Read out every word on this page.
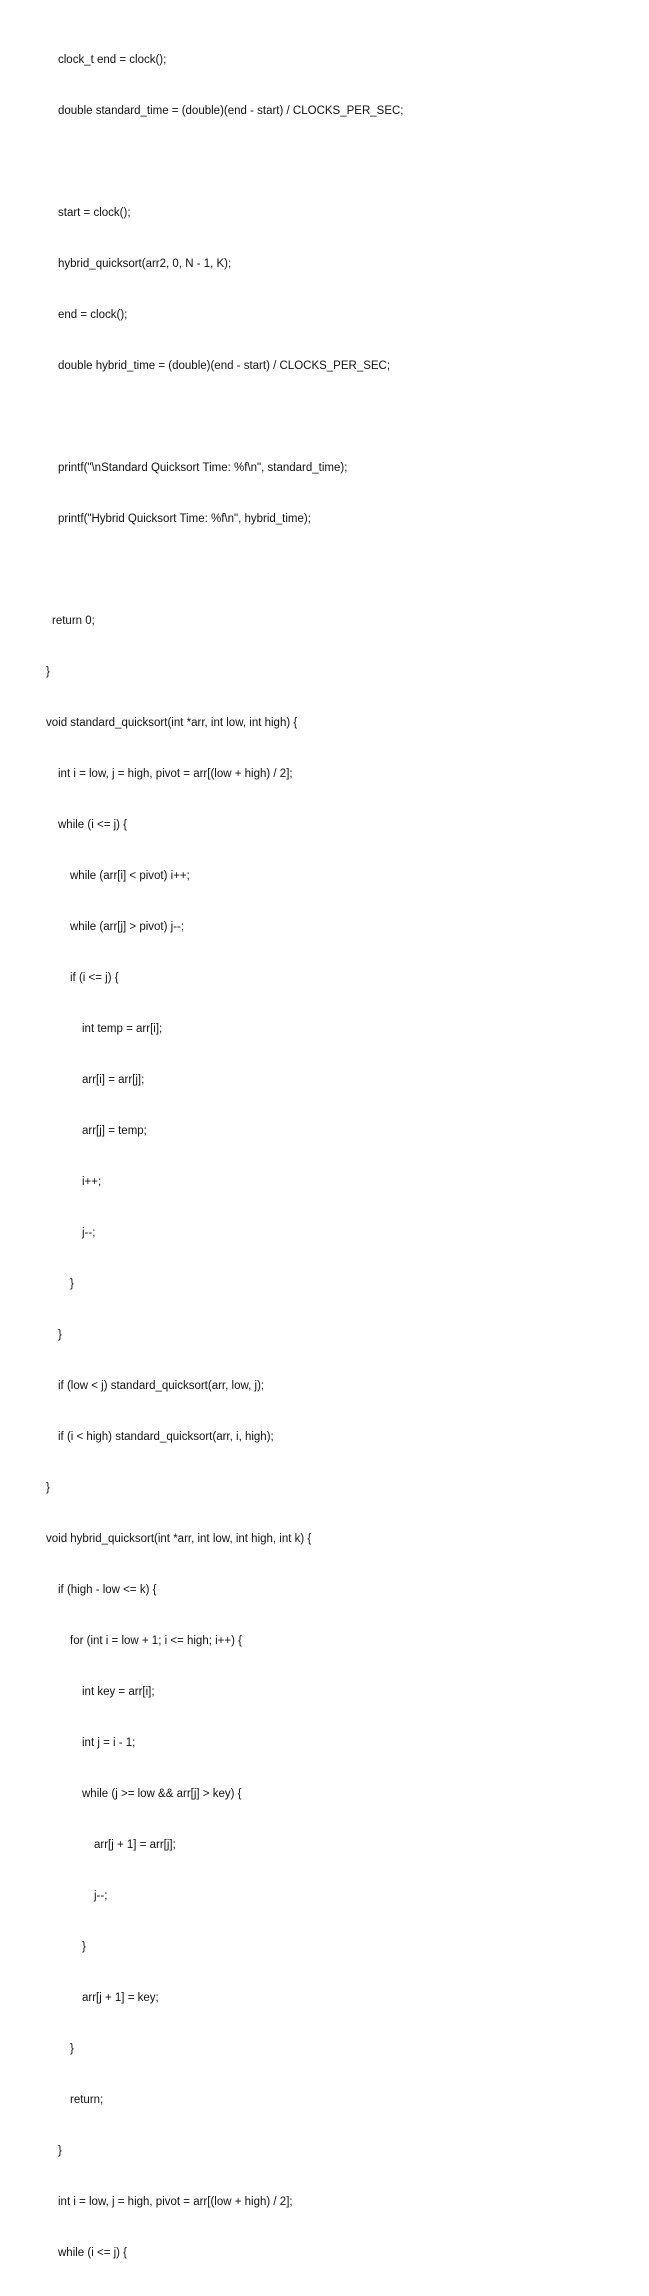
clock_t end = clock();

double standard_time = (double)(end - start) / CLOCKS_PER_SEC;

start = clock();

hybrid_quicksort(arr2, 0, N - 1, K);

end = clock();

double hybrid_time = (double)(end - start) / CLOCKS_PER_SEC;

printf("\nStandard Quicksort Time: %f\n", standard_time);

printf("Hybrid Quicksort Time: %f\n", hybrid_time);

return 0;

}

void standard_quicksort(int *arr, int low, int high) {

int i = low, j = high, pivot = arr[(low + high) / 2];

while (i <= j) {

while (arr[i] < pivot) i++;

while (arr[j] > pivot) j--;

if (i <= j) {

int temp = arr[i];

arr[i] = arr[j];

arr[j] = temp;

i++;

j--;

}

}

if (low < j) standard_quicksort(arr, low, j);

if (i < high) standard_quicksort(arr, i, high);

}

void hybrid_quicksort(int *arr, int low, int high, int k) {

if (high - low <= k) {

for (int i = low + 1; i <= high; i++) {

int key = arr[i];

int j = i - 1;

while (j >= low && arr[j] > key) {

arr[j + 1] = arr[j];

j--;

}

arr[j + 1] = key;

}

return;

}

int i = low, j = high, pivot = arr[(low + high) / 2];

while (i <= j) {
